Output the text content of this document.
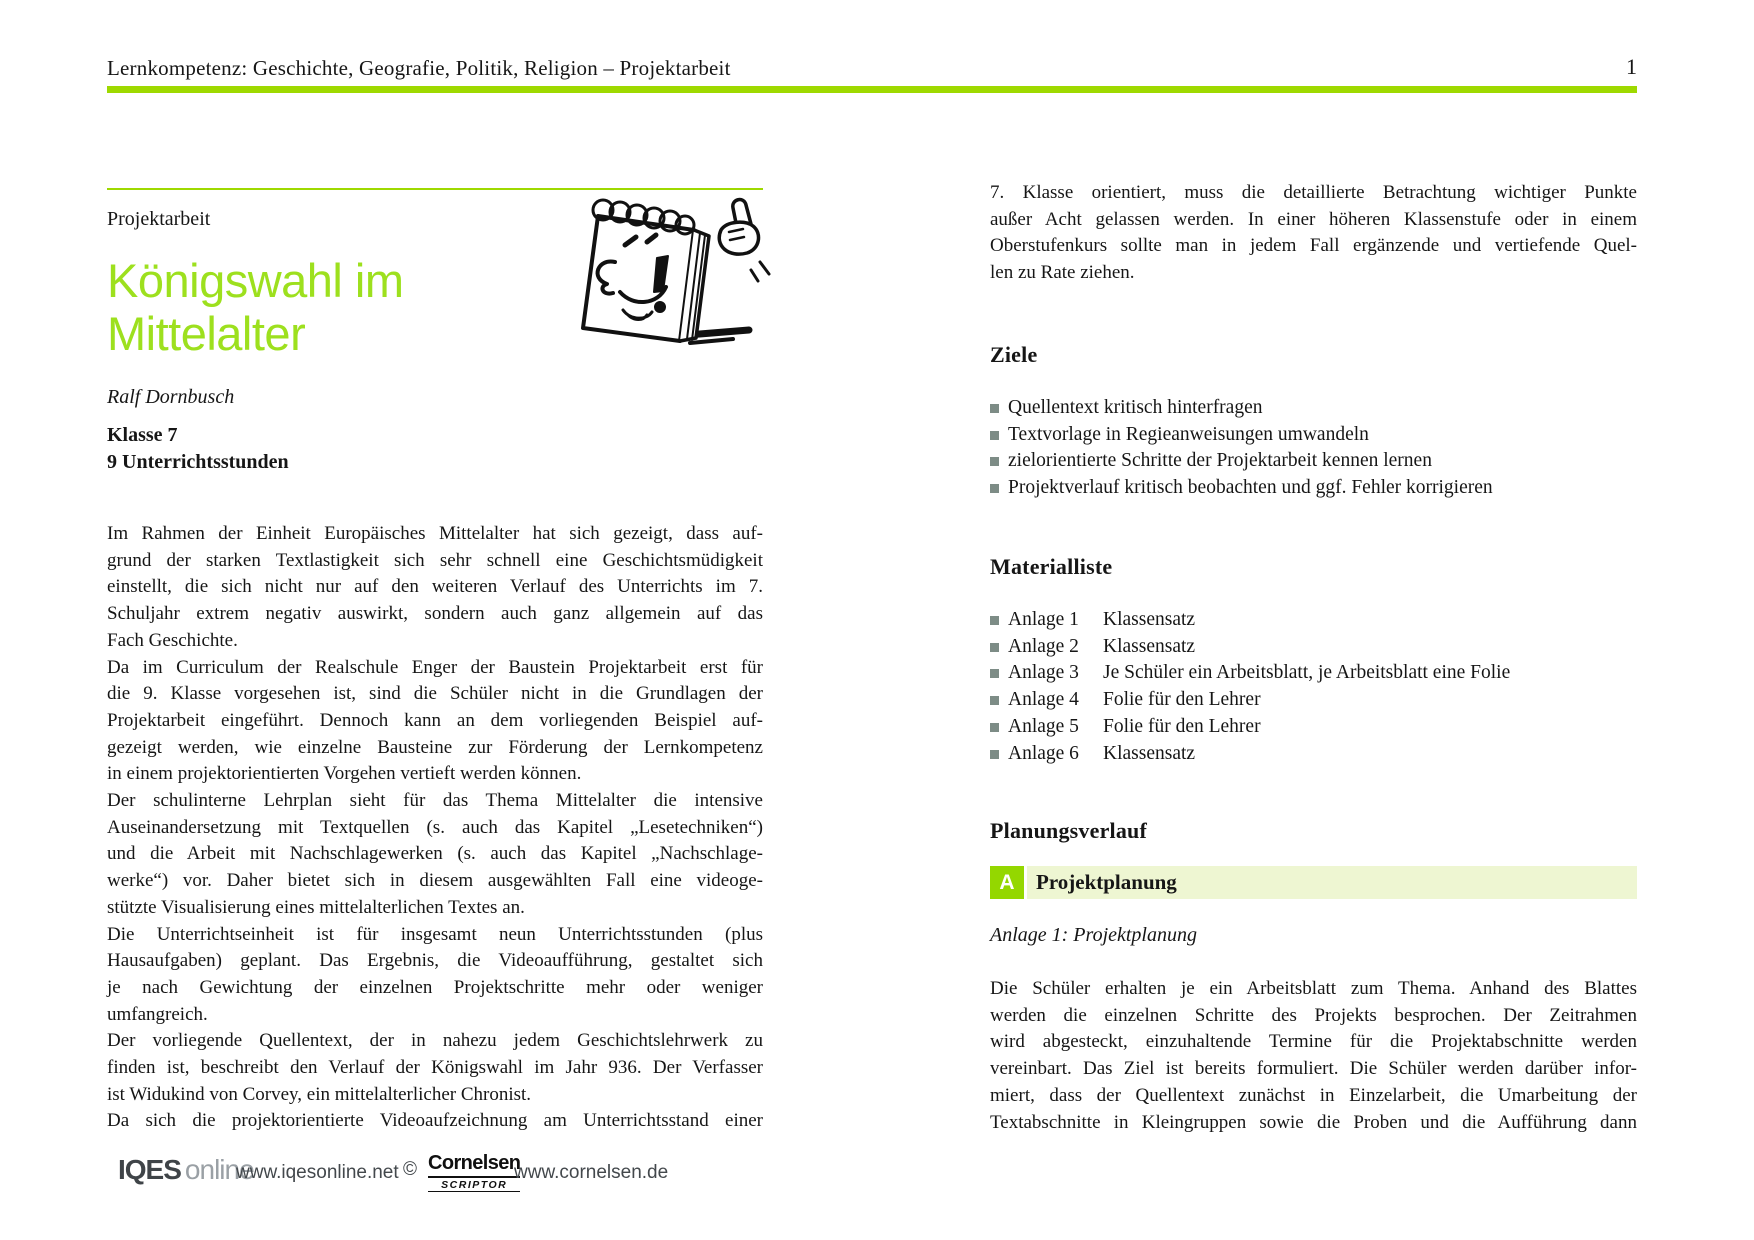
Lernkompetenz: Geschichte, Geografie, Politik, Religion – Projektarbeit	1
Projektarbeit
Königswahl im
Mittelalter
Ralf Dornbusch
Klasse 7
9 Unterrichtsstunden
Im Rahmen der Einheit Europäisches Mittelalter hat sich gezeigt, dass auf-
grund der starken Textlastigkeit sich sehr schnell eine Geschichtsmüdigkeit
einstellt, die sich nicht nur auf den weiteren Verlauf des Unterrichts im 7.
Schuljahr extrem negativ auswirkt, sondern auch ganz allgemein auf das
Fach Geschichte.
Da im Curriculum der Realschule Enger der Baustein Projektarbeit erst für
die 9. Klasse vorgesehen ist, sind die Schüler nicht in die Grundlagen der
Projektarbeit eingeführt. Dennoch kann an dem vorliegenden Beispiel auf-
gezeigt werden, wie einzelne Bausteine zur Förderung der Lernkompetenz
in einem projektorientierten Vorgehen vertieft werden können.
Der schulinterne Lehrplan sieht für das Thema Mittelalter die intensive
Auseinandersetzung mit Textquellen (s. auch das Kapitel „Lesetechniken“)
und die Arbeit mit Nachschlagewerken (s. auch das Kapitel „Nachschlage-
werke“) vor. Daher bietet sich in diesem ausgewählten Fall eine videoge-
stützte Visualisierung eines mittelalterlichen Textes an.
Die Unterrichtseinheit ist für insgesamt neun Unterrichtsstunden (plus
Hausaufgaben) geplant. Das Ergebnis, die Videoaufführung, gestaltet sich
je nach Gewichtung der einzelnen Projektschritte mehr oder weniger
umfangreich.
Der vorliegende Quellentext, der in nahezu jedem Geschichtslehrwerk zu
finden ist, beschreibt den Verlauf der Königswahl im Jahr 936. Der Verfasser
ist Widukind von Corvey, ein mittelalterlicher Chronist.
Da sich die projektorientierte Videoaufzeichnung am Unterrichtsstand einer
7. Klasse orientiert, muss die detaillierte Betrachtung wichtiger Punkte
außer Acht gelassen werden. In einer höheren Klassenstufe oder in einem
Oberstufenkurs sollte man in jedem Fall ergänzende und vertiefende Quel-
len zu Rate ziehen.
Ziele
Quellentext kritisch hinterfragen
Textvorlage in Regieanweisungen umwandeln
zielorientierte Schritte der Projektarbeit kennen lernen
Projektverlauf kritisch beobachten und ggf. Fehler korrigieren
Materialliste
Anlage 1	Klassensatz
Anlage 2	Klassensatz
Anlage 3	Je Schüler ein Arbeitsblatt, je Arbeitsblatt eine Folie
Anlage 4	Folie für den Lehrer
Anlage 5	Folie für den Lehrer
Anlage 6	Klassensatz
Planungsverlauf
A	Projektplanung
Anlage 1: Projektplanung
Die Schüler erhalten je ein Arbeitsblatt zum Thema. Anhand des Blattes
werden die einzelnen Schritte des Projekts besprochen. Der Zeitrahmen
wird abgesteckt, einzuhaltende Termine für die Projektabschnitte werden
vereinbart. Das Ziel ist bereits formuliert. Die Schüler werden darüber infor-
miert, dass der Quellentext zunächst in Einzelarbeit, die Umarbeitung der
Textabschnitte in Kleingruppen sowie die Proben und die Aufführung dann
IQES online
www.iqesonline.net © Cornelsen
SCRIPTOR
www.cornelsen.de
